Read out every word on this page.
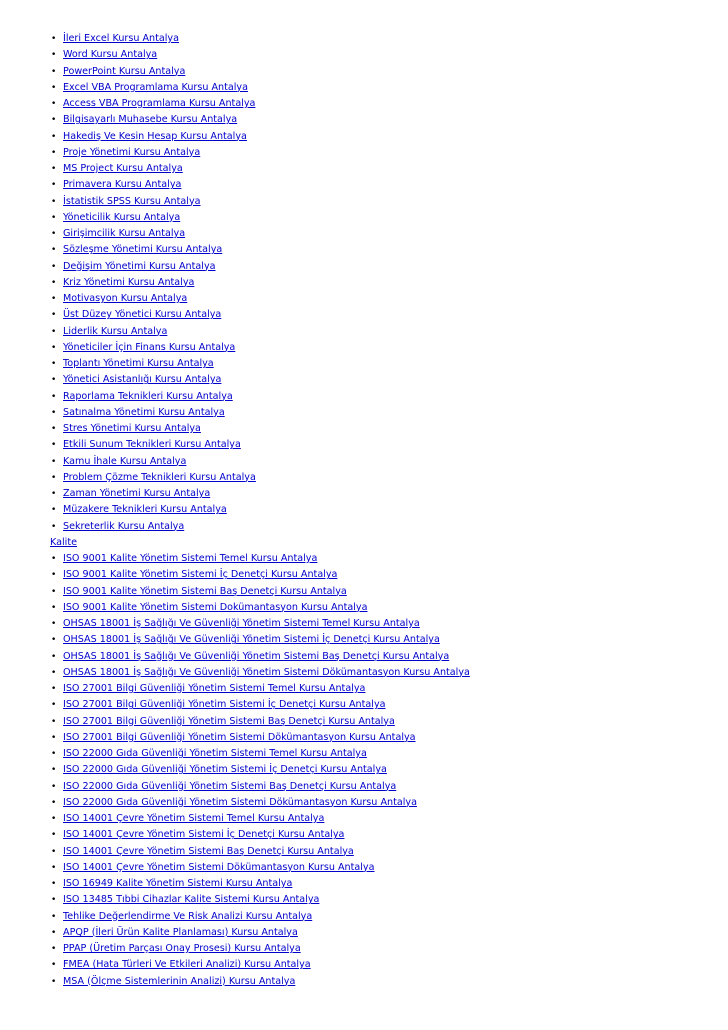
• İleri Excel Kursu Antalya
• Word Kursu Antalya
• PowerPoint Kursu Antalya
• Excel VBA Programlama Kursu Antalya
• Access VBA Programlama Kursu Antalya
• Bilgisayarlı Muhasebe Kursu Antalya
• Hakediş Ve Kesin Hesap Kursu Antalya
• Proje Yönetimi Kursu Antalya
• MS Project Kursu Antalya
• Primavera Kursu Antalya
• İstatistik SPSS Kursu Antalya
• Yöneticilik Kursu Antalya
• Girişimcilik Kursu Antalya
• Sözleşme Yönetimi Kursu Antalya
• Değişim Yönetimi Kursu Antalya
• Kriz Yönetimi Kursu Antalya
• Motivasyon Kursu Antalya
• Üst Düzey Yönetici Kursu Antalya
• Liderlik Kursu Antalya
• Yöneticiler İçin Finans Kursu Antalya
• Toplantı Yönetimi Kursu Antalya
• Yönetici Asistanlığı Kursu Antalya
• Raporlama Teknikleri Kursu Antalya
• Satınalma Yönetimi Kursu Antalya
• Stres Yönetimi Kursu Antalya
• Etkili Sunum Teknikleri Kursu Antalya
• Kamu İhale Kursu Antalya
• Problem Çözme Teknikleri Kursu Antalya
• Zaman Yönetimi Kursu Antalya
• Müzakere Teknikleri Kursu Antalya
• Sekreterlik Kursu Antalya
Kalite
• ISO 9001 Kalite Yönetim Sistemi Temel Kursu Antalya
• ISO 9001 Kalite Yönetim Sistemi İç Denetçi Kursu Antalya
• ISO 9001 Kalite Yönetim Sistemi Baş Denetçi Kursu Antalya
• ISO 9001 Kalite Yönetim Sistemi Dokümantasyon Kursu Antalya
• OHSAS 18001 İş Sağlığı Ve Güvenliği Yönetim Sistemi Temel Kursu Antalya
• OHSAS 18001 İş Sağlığı Ve Güvenliği Yönetim Sistemi İç Denetçi Kursu Antalya
• OHSAS 18001 İş Sağlığı Ve Güvenliği Yönetim Sistemi Baş Denetçi Kursu Antalya
• OHSAS 18001 İş Sağlığı Ve Güvenliği Yönetim Sistemi Dökümantasyon Kursu Antalya
• ISO 27001 Bilgi Güvenliği Yönetim Sistemi Temel Kursu Antalya
• ISO 27001 Bilgi Güvenliği Yönetim Sistemi İç Denetçi Kursu Antalya
• ISO 27001 Bilgi Güvenliği Yönetim Sistemi Baş Denetçi Kursu Antalya
• ISO 27001 Bilgi Güvenliği Yönetim Sistemi Dökümantasyon Kursu Antalya
• ISO 22000 Gıda Güvenliği Yönetim Sistemi Temel Kursu Antalya
• ISO 22000 Gıda Güvenliği Yönetim Sistemi İç Denetçi Kursu Antalya
• ISO 22000 Gıda Güvenliği Yönetim Sistemi Baş Denetçi Kursu Antalya
• ISO 22000 Gıda Güvenliği Yönetim Sistemi Dökümantasyon Kursu Antalya
• ISO 14001 Çevre Yönetim Sistemi Temel Kursu Antalya
• ISO 14001 Çevre Yönetim Sistemi İç Denetçi Kursu Antalya
• ISO 14001 Çevre Yönetim Sistemi Baş Denetçi Kursu Antalya
• ISO 14001 Çevre Yönetim Sistemi Dökümantasyon Kursu Antalya
• ISO 16949 Kalite Yönetim Sistemi Kursu Antalya
• ISO 13485 Tıbbi Cihazlar Kalite Sistemi Kursu Antalya
• Tehlike Değerlendirme Ve Risk Analizi Kursu Antalya
• APQP (İleri Ürün Kalite Planlaması) Kursu Antalya
• PPAP (Üretim Parçası Onay Prosesi) Kursu Antalya
• FMEA (Hata Türleri Ve Etkileri Analizi) Kursu Antalya
• MSA (Ölçme Sistemlerinin Analizi) Kursu Antalya
